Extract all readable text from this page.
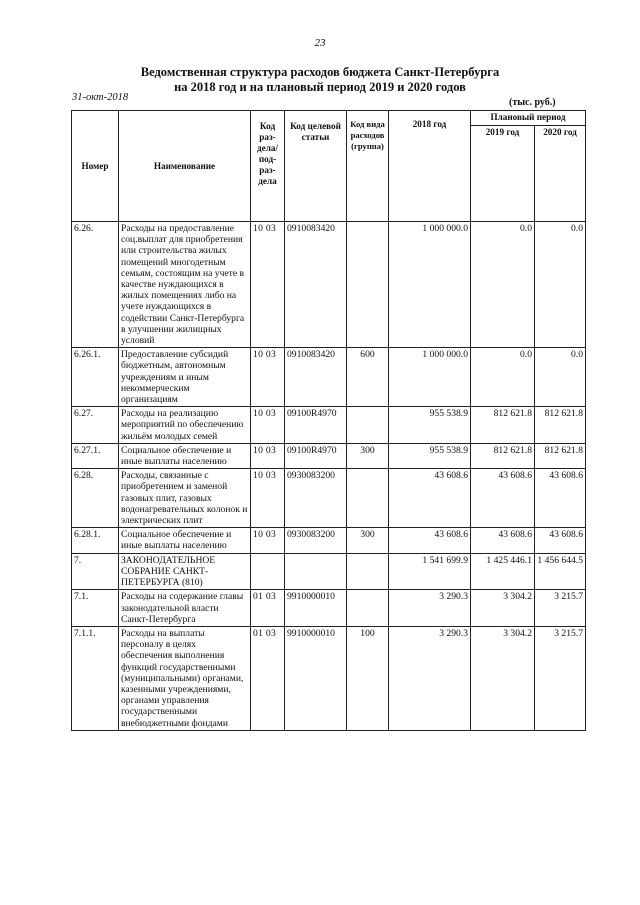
23
Ведомственная структура расходов бюджета Санкт-Петербурга
на 2018 год и на плановый период 2019 и 2020 годов
31-окт-2018	(тыс. руб.)
Номер	Наименование	Код раз-дела/ под-раз-дела	Код целевой статьи	Код вида расходов (группа)	2018 год	Плановый период	
						2019 год	2020 год
6.26.	Расходы на предоставление соц.выплат для приобретения или строительства жилых помещений многодетным семьям, состоящим на учете в качестве нуждающихся в жилых помещениях либо на учете нуждающихся в содействии Санкт-Петербурга в улучшении жилищных условий	10 03	0910083420		1 000 000.0	0.0	0.0
6.26.1.	Предоставление субсидий бюджетным, автономным учреждениям и иным некоммерческим организациям	10 03	0910083420	600	1 000 000.0	0.0	0.0
6.27.	Расходы на реализацию мероприятий по обеспечению жильём молодых семей	10 03	09100R4970		955 538.9	812 621.8	812 621.8
6.27.1.	Социальное обеспечение и иные выплаты населению	10 03	09100R4970	300	955 538.9	812 621.8	812 621.8
6.28.	Расходы, связанные с приобретением и заменой газовых плит, газовых водонагревательных колонок и электрических плит	10 03	0930083200		43 608.6	43 608.6	43 608.6
6.28.1.	Социальное обеспечение и иные выплаты населению	10 03	0930083200	300	43 608.6	43 608.6	43 608.6
7.	ЗАКОНОДАТЕЛЬНОЕ СОБРАНИЕ САНКТ-ПЕТЕРБУРГА (810)				1 541 699.9	1 425 446.1	1 456 644.5
7.1.	Расходы на содержание главы законодательной власти Санкт-Петербурга	01 03	9910000010		3 290.3	3 304.2	3 215.7
7.1.1.	Расходы на выплаты персоналу в целях обеспечения выполнения функций государственными (муниципальными) органами, казенными учреждениями, органами управления государственными внебюджетными фондами	01 03	9910000010	100	3 290.3	3 304.2	3 215.7
